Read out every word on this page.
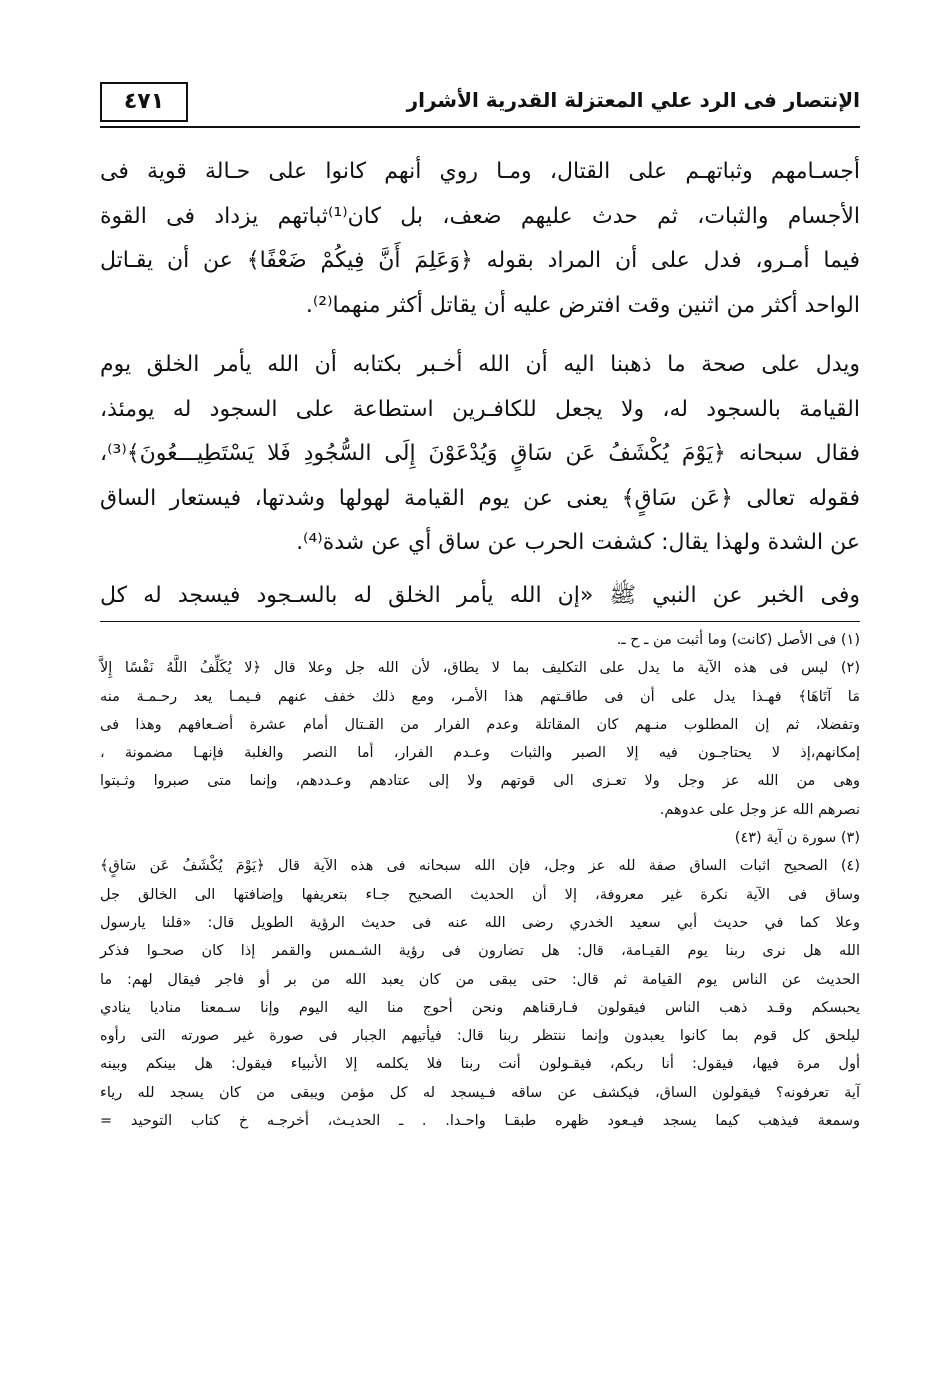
الإنتصار فى الرد علي المعتزلة القدرية الأشرار
٤٧١
أجسـامهم وثباتهـم على القتال، ومـا روي أنهم كانوا على حـالة قوية فى
الأجسام والثبات، ثم حدث عليهم ضعف، بل كان⁽¹⁾ثباتهم يزداد فى القوة
فيما أمـرو، فدل على أن المراد بقوله ﴿وَعَلِمَ أَنَّ فِيكُمْ ضَعْفًا﴾ عن أن يقـاتل
الواحد أكثر من اثنين وقت افترض عليه أن يقاتل أكثر منهما⁽²⁾.
ويدل على صحة ما ذهبنا اليه أن الله أخـبر بكتابه أن الله يأمر الخلق يوم
القيامة بالسجود له، ولا يجعل للكافـرين استطاعة على السجود له يومئذ،
فقال سبحانه ﴿يَوْمَ يُكْشَفُ عَن سَاقٍ وَيُدْعَوْنَ إِلَى السُّجُودِ فَلا يَسْتَطِيـــعُونَ﴾⁽³⁾،
فقوله تعالى ﴿عَن سَاقٍ﴾ يعنى عن يوم القيامة لهولها وشدتها، فيستعار الساق
عن الشدة ولهذا يقال: كشفت الحرب عن ساق أي عن شدة⁽⁴⁾.
وفى الخبر عن النبي ﷺ «إن الله يأمر الخلق له بالسـجود فيسجد له كل
(١) فى الأصل (كانت) وما أثبت من ـ ح ـ.
(٢) ليس فى هذه الآية ما يدل على التكليف بما لا يطاق، لأن الله جل وعلا قال ﴿لا يُكَلِّفُ اللَّهُ نَفْسًا إِلاَّ
مَا آتَاهَا﴾ فهـذا يدل على أن فى طاقـتهم هذا الأمـر، ومع ذلك خفف عنهم فـيمـا يعد رحـمـة منه
وتفضلا، ثم إن المطلوب منـهم كان المقاتلة وعدم الفرار من القـتال أمام عشرة أضـعافهم وهذا فى
إمكانهم،إذ لا يحتاجـون فيه إلا الصبر والثبات وعـدم الفرار، أما النصر والغلبة فإنهـا مضمونة ،
وهى من الله عز وجل ولا تعـزى الى قوتهم ولا إلى عتادهم وعـددهم، وإنما متى صبروا وثـبتوا
نصرهم الله عز وجل على عدوهم.
(٣) سورة ن آية (٤٣)
(٤) الصحيح اثبات الساق صفة لله عز وجل، فإن الله سبحانه فى هذه الآية قال ﴿يَوْمَ يُكْشَفُ عَن سَاقٍ﴾
وساق فى الآية نكرة غير معروفة، إلا أن الحديث الصحيح جـاء بتعريفها وإضافتها الى الخالق جل
وعلا كما في حديث أبي سعيد الخدري رضى الله عنه فى حديث الرؤية الطويل قال: «قلنا يارسول
الله هل نرى ربنا يوم القيـامة، قال: هل تضارون فى رؤية الشـمس والقمر إذا كان صحـوا فذكر
الحديث عن الناس يوم القيامة ثم قال: حتى يبقى من كان يعبد الله من بر أو فاجر فيقال لهم: ما
يحبسكم وقـد ذهب الناس فيقولون فـارقناهم ونحن أحوج منا اليه اليوم وإنا سـمعنا مناديا ينادي
ليلحق كل قوم بما كانوا يعبدون وإنما ننتظر ربنا قال: فيأتيهم الجبار فى صورة غير صورته التى رأوه
أول مرة فيها، فيقول: أنا ربكم، فيقـولون أنت ربنا فلا يكلمه إلا الأنبياء فيقول: هل بينكم وبينه
آية تعرفونه؟ فيقولون الساق، فيكشف عن ساقه فـيسجد له كل مؤمن ويبقى من كان يسجد لله رياء
وسمعة فيذهب كيما يسجد فيـعود ظهره طبقـا واحـدا. . ـ الحديـث، أخرجـه خ كتاب التوحيد =
